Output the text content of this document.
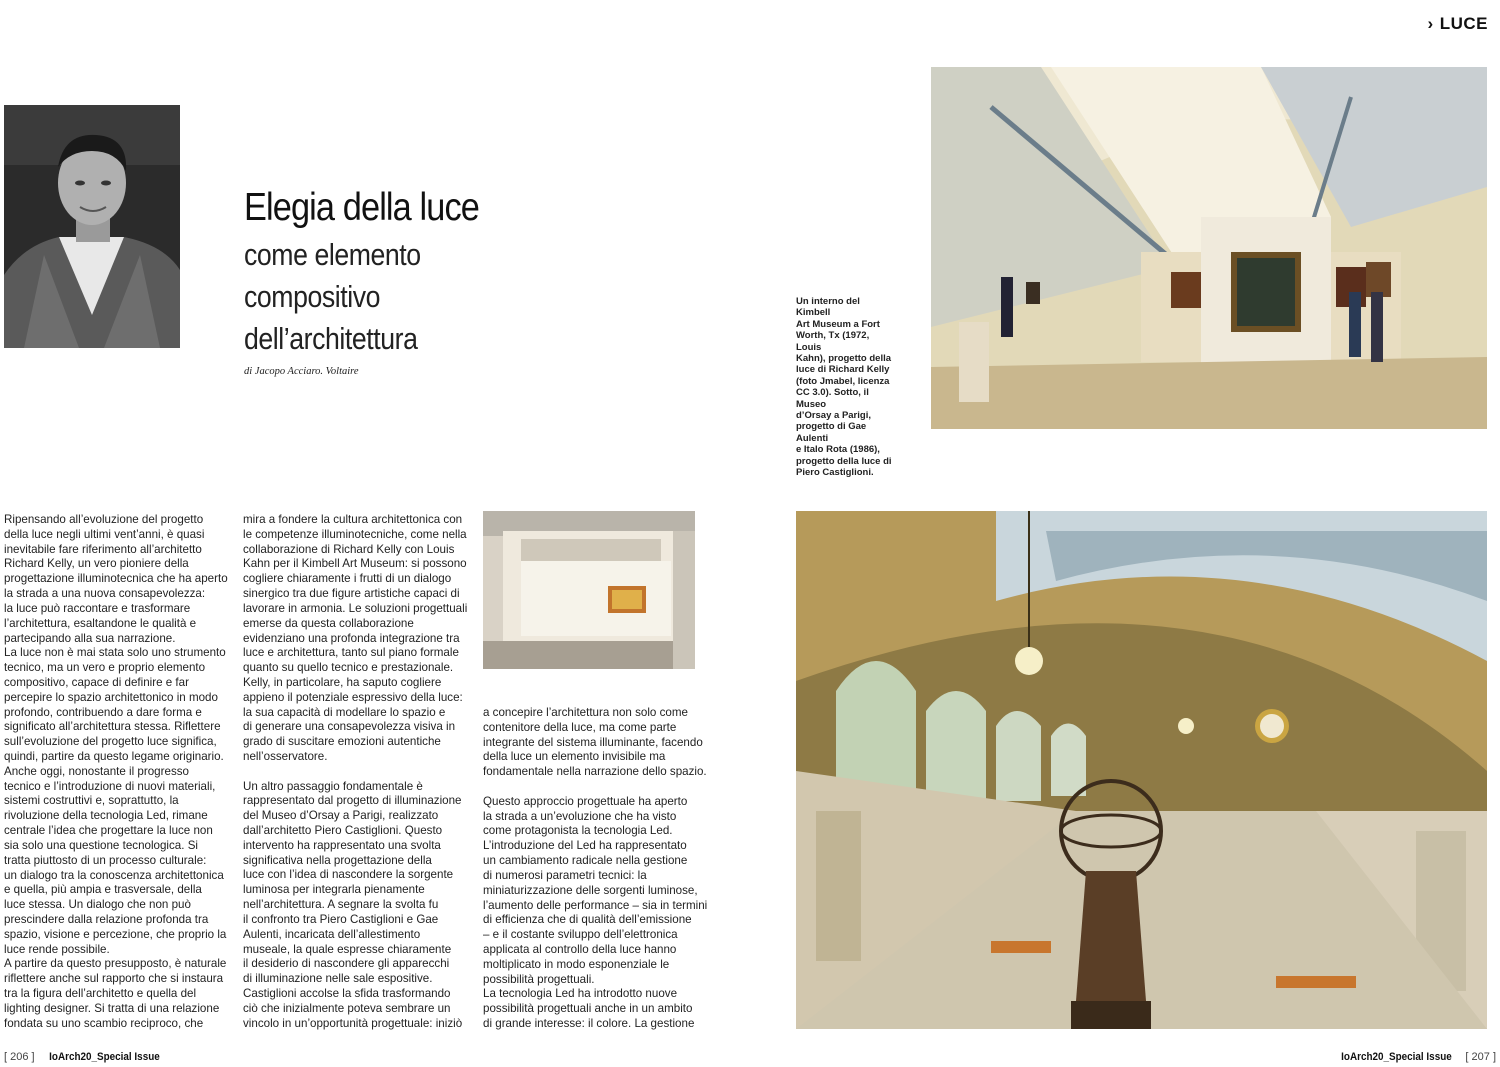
› LUCE
Elegia della luce
come elemento
compositivo
dell’architettura
di Jacopo Acciaro. Voltaire
Un interno del Kimbell
Art Museum a Fort
Worth, Tx (1972, Louis
Kahn), progetto della
luce di Richard Kelly
(foto Jmabel, licenza
CC 3.0). Sotto, il Museo
d’Orsay a Parigi,
progetto di Gae Aulenti
e Italo Rota (1986),
progetto della luce di
Piero Castiglioni.

Ripensando all’evoluzione del progetto

della luce negli ultimi vent’anni, è quasi

inevitabile fare riferimento all’architetto

Richard Kelly, un vero pioniere della

progettazione illuminotecnica che ha aperto

la strada a una nuova consapevolezza:

la luce può raccontare e trasformare

l’architettura, esaltandone le qualità e

partecipando alla sua narrazione.

La luce non è mai stata solo uno strumento

tecnico, ma un vero e proprio elemento

compositivo, capace di definire e far

percepire lo spazio architettonico in modo

profondo, contribuendo a dare forma e

significato all’architettura stessa. Riflettere

sull’evoluzione del progetto luce significa,

quindi, partire da questo legame originario.

Anche oggi, nonostante il progresso

tecnico e l’introduzione di nuovi materiali,

sistemi costruttivi e, soprattutto, la

rivoluzione della tecnologia Led, rimane

centrale l’idea che progettare la luce non

sia solo una questione tecnologica. Si

tratta piuttosto di un processo culturale:

un dialogo tra la conoscenza architettonica

e quella, più ampia e trasversale, della

luce stessa. Un dialogo che non può

prescindere dalla relazione profonda tra

spazio, visione e percezione, che proprio la

luce rende possibile.

A partire da questo presupposto, è naturale

riflettere anche sul rapporto che si instaura

tra la figura dell’architetto e quella del

lighting designer. Si tratta di una relazione

fondata su uno scambio reciproco, che

mira a fondere la cultura architettonica con

le competenze illuminotecniche, come nella

collaborazione di Richard Kelly con Louis

Kahn per il Kimbell Art Museum: si possono

cogliere chiaramente i frutti di un dialogo

sinergico tra due figure artistiche capaci di

lavorare in armonia. Le soluzioni progettuali

emerse da questa collaborazione

evidenziano una profonda integrazione tra

luce e architettura, tanto sul piano formale

quanto su quello tecnico e prestazionale.

Kelly, in particolare, ha saputo cogliere

appieno il potenziale espressivo della luce:

la sua capacità di modellare lo spazio e

di generare una consapevolezza visiva in

grado di suscitare emozioni autentiche

nell’osservatore.

Un altro passaggio fondamentale è

rappresentato dal progetto di illuminazione

del Museo d’Orsay a Parigi, realizzato

dall’architetto Piero Castiglioni. Questo

intervento ha rappresentato una svolta

significativa nella progettazione della

luce con l’idea di nascondere la sorgente

luminosa per integrarla pienamente

nell’architettura. A segnare la svolta fu

il confronto tra Piero Castiglioni e Gae

Aulenti, incaricata dell’allestimento

museale, la quale espresse chiaramente

il desiderio di nascondere gli apparecchi

di illuminazione nelle sale espositive.

Castiglioni accolse la sfida trasformando

ciò che inizialmente poteva sembrare un

vincolo in un’opportunità progettuale: iniziò

a concepire l’architettura non solo come

contenitore della luce, ma come parte

integrante del sistema illuminante, facendo

della luce un elemento invisibile ma

fondamentale nella narrazione dello spazio.

Questo approccio progettuale ha aperto

la strada a un’evoluzione che ha visto

come protagonista la tecnologia Led.

L’introduzione del Led ha rappresentato

un cambiamento radicale nella gestione

di numerosi parametri tecnici: la

miniaturizzazione delle sorgenti luminose,

l’aumento delle performance – sia in termini

di efficienza che di qualità dell’emissione

– e il costante sviluppo dell’elettronica

applicata al controllo della luce hanno

moltiplicato in modo esponenziale le

possibilità progettuali.

La tecnologia Led ha introdotto nuove

possibilità progettuali anche in un ambito

di grande interesse: il colore. La gestione

[ 206 ] IoArch20_Special Issue	IoArch20_Special Issue [ 207 ]
